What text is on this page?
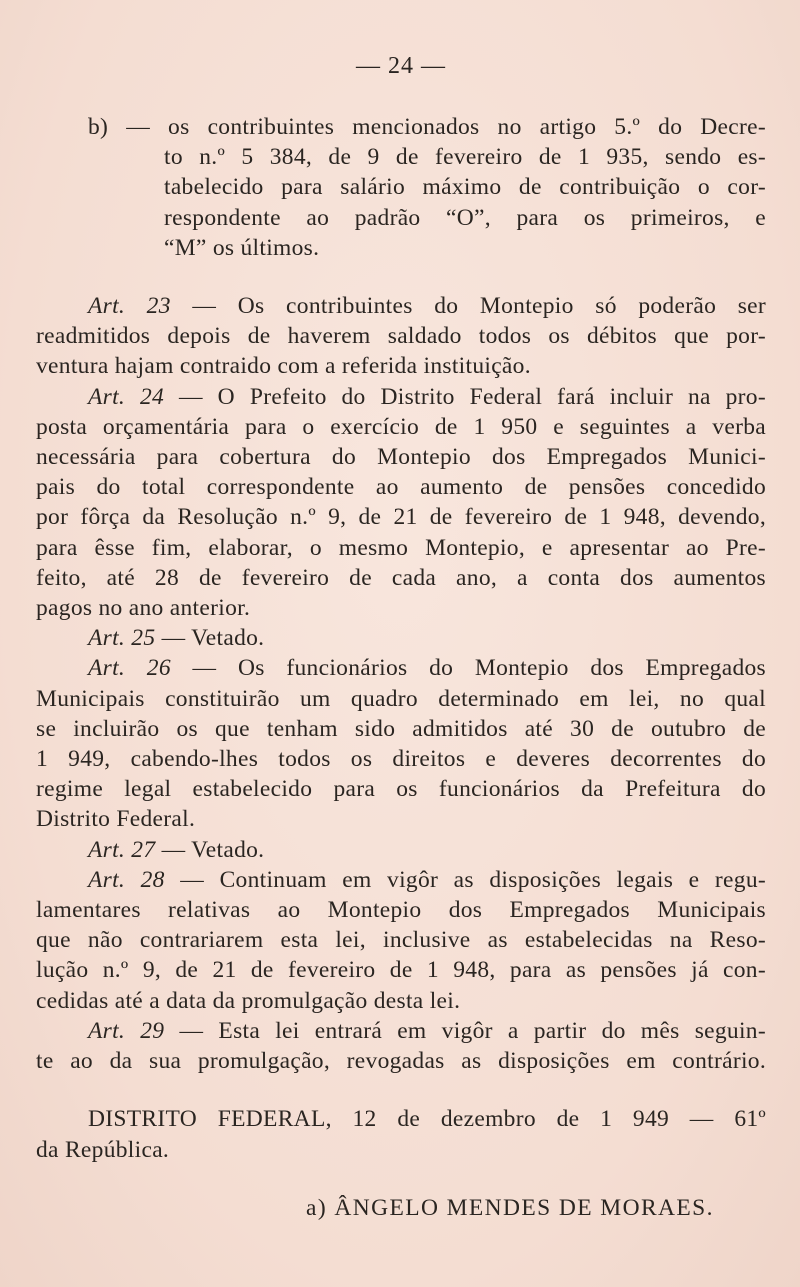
— 24 —
b) — os contribuintes mencionados no artigo 5.º do Decre-
to n.º 5 384, de 9 de fevereiro de 1 935, sendo es-
tabelecido para salário máximo de contribuição o cor-
respondente ao padrão “O”, para os primeiros, e
“M” os últimos.
Art. 23 — Os contribuintes do Montepio só poderão ser
readmitidos depois de haverem saldado todos os débitos que por-
ventura hajam contraido com a referida instituição.
Art. 24 — O Prefeito do Distrito Federal fará incluir na pro-
posta orçamentária para o exercício de 1 950 e seguintes a verba
necessária para cobertura do Montepio dos Empregados Munici-
pais do total correspondente ao aumento de pensões concedido
por fôrça da Resolução n.º 9, de 21 de fevereiro de 1 948, devendo,
para êsse fim, elaborar, o mesmo Montepio, e apresentar ao Pre-
feito, até 28 de fevereiro de cada ano, a conta dos aumentos
pagos no ano anterior.
Art. 25 — Vetado.
Art. 26 — Os funcionários do Montepio dos Empregados
Municipais constituirão um quadro determinado em lei, no qual
se incluirão os que tenham sido admitidos até 30 de outubro de
1 949, cabendo-lhes todos os direitos e deveres decorrentes do
regime legal estabelecido para os funcionários da Prefeitura do
Distrito Federal.
Art. 27 — Vetado.
Art. 28 — Continuam em vigôr as disposições legais e regu-
lamentares relativas ao Montepio dos Empregados Municipais
que não contrariarem esta lei, inclusive as estabelecidas na Reso-
lução n.º 9, de 21 de fevereiro de 1 948, para as pensões já con-
cedidas até a data da promulgação desta lei.
Art. 29 — Esta lei entrará em vigôr a partir do mês seguin-
te ao da sua promulgação, revogadas as disposições em contrário.
DISTRITO FEDERAL, 12 de dezembro de 1 949 — 61º
da República.
a) ÂNGELO MENDES DE MORAES.
